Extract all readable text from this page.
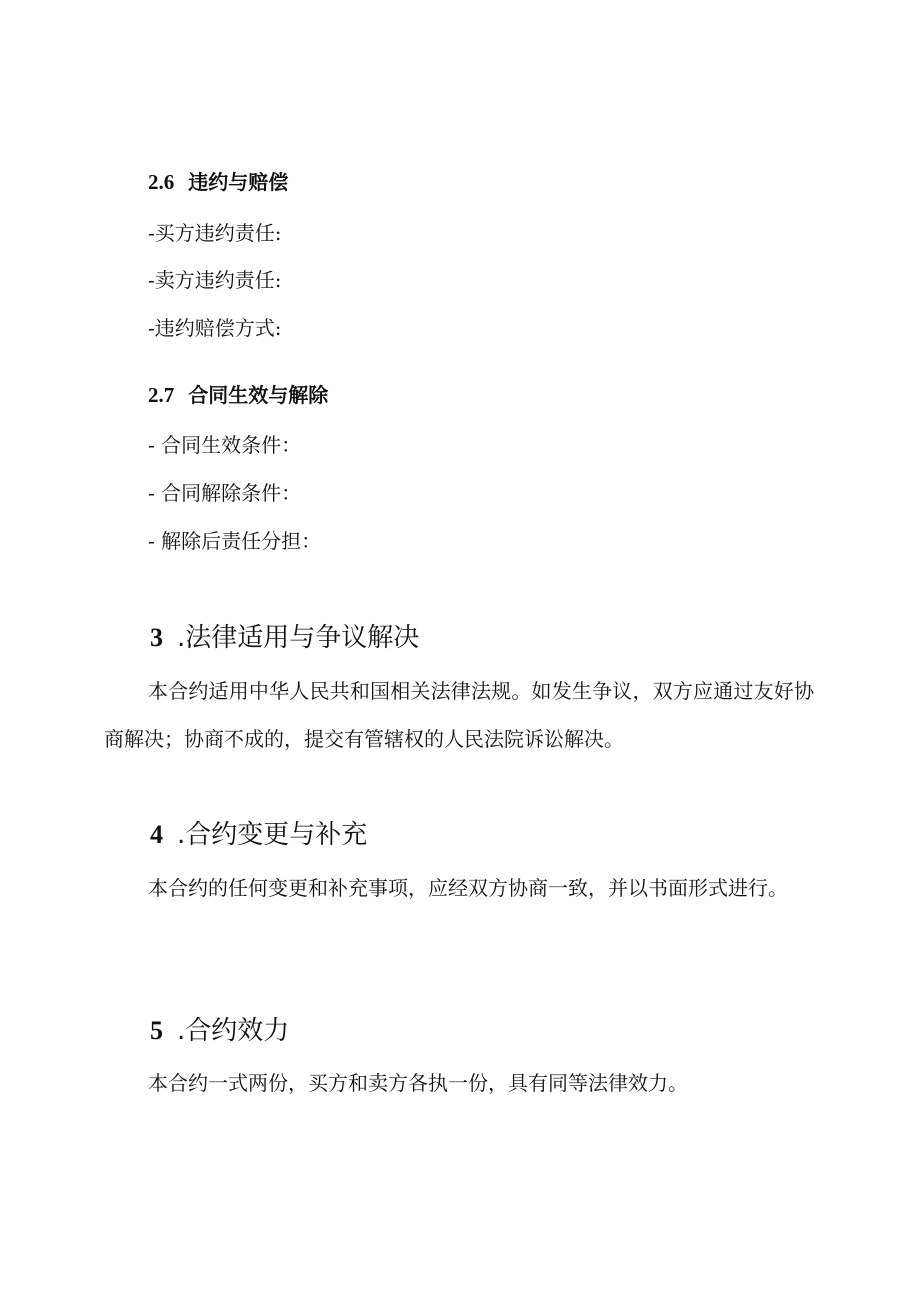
2.6 违约与赔偿
-买方违约责任:
-卖方违约责任:
-违约赔偿方式:
2.7 合同生效与解除
- 合同生效条件：
- 合同解除条件：
- 解除后责任分担：
3 .法律适用与争议解决

本合约适用中华人民共和国相关法律法规。如发生争议，双方应通过友好协商解决；协商不成的，提交有管辖权的人民法院诉讼解决。

4 .合约变更与补充

本合约的任何变更和补充事项，应经双方协商一致，并以书面形式进行。

5 .合约效力

本合约一式两份，买方和卖方各执一份，具有同等法律效力。
